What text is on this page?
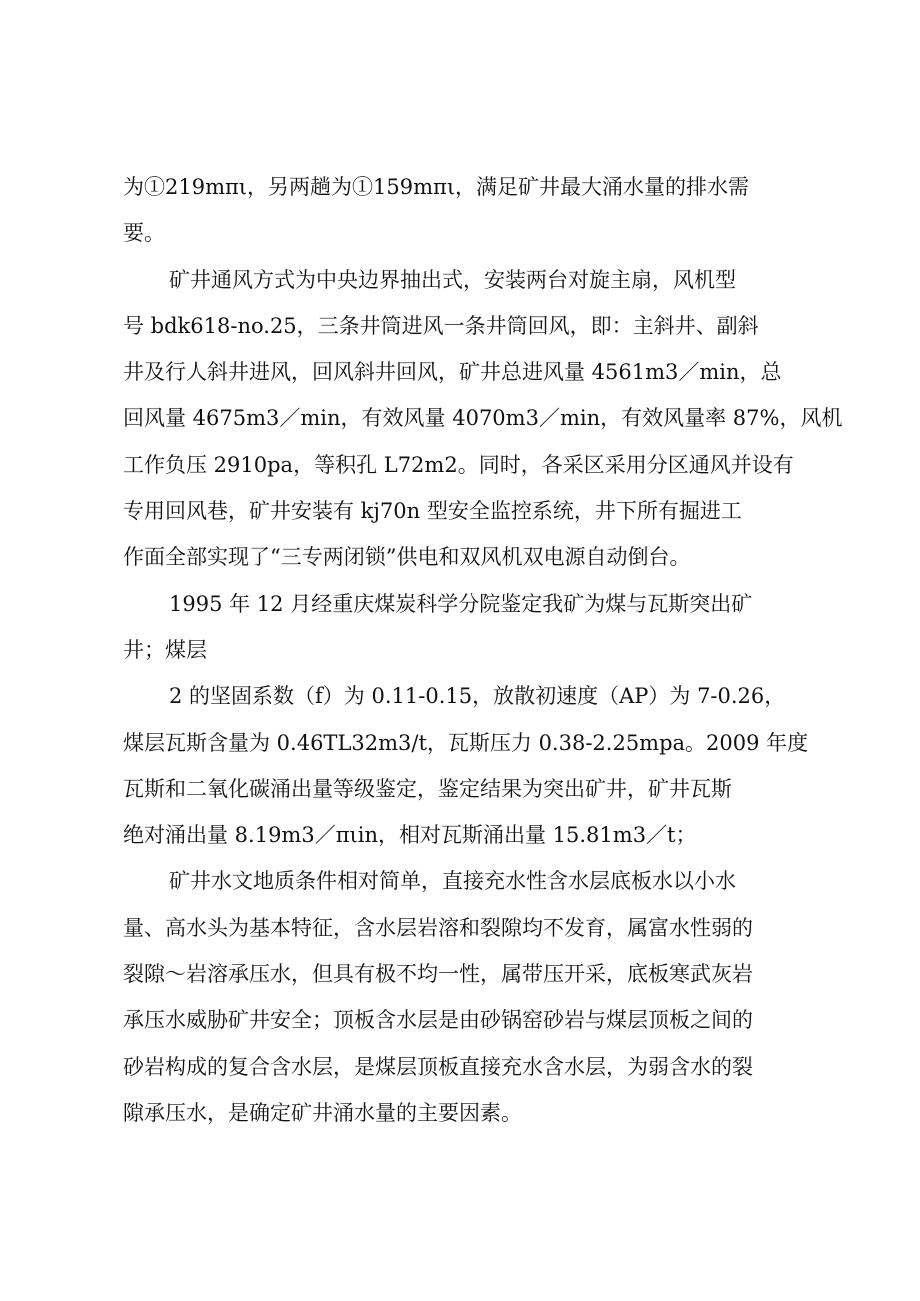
为①219mπι，另两趟为①159mπι，满足矿井最大涌水量的排水需
要。
矿井通风方式为中央边界抽出式，安装两台对旋主扇，风机型
号 bdk618-no.25，三条井筒进风一条井筒回风，即：主斜井、副斜
井及行人斜井进风，回风斜井回风，矿井总进风量 4561m3／min，总
回风量 4675m3／min，有效风量 4070m3／min，有效风量率 87%，风机
工作负压 2910pa，等积孔 L72m2。同时，各采区采用分区通风并设有
专用回风巷，矿井安装有 kj70n 型安全监控系统，井下所有掘进工
作面全部实现了“三专两闭锁”供电和双风机双电源自动倒台。
1995 年 12 月经重庆煤炭科学分院鉴定我矿为煤与瓦斯突出矿
井；煤层
2 的坚固系数（f）为 0.11-0.15，放散初速度（AP）为 7-0.26，
煤层瓦斯含量为 0.46TL32m3/t，瓦斯压力 0.38-2.25mpa。2009 年度
瓦斯和二氧化碳涌出量等级鉴定，鉴定结果为突出矿井，矿井瓦斯
绝对涌出量 8.19m3／πιin，相对瓦斯涌出量 15.81m3／t；
矿井水文地质条件相对简单，直接充水性含水层底板水以小水
量、高水头为基本特征，含水层岩溶和裂隙均不发育，属富水性弱的
裂隙～岩溶承压水，但具有极不均一性，属带压开采，底板寒武灰岩
承压水威胁矿井安全；顶板含水层是由砂锅窑砂岩与煤层顶板之间的
砂岩构成的复合含水层，是煤层顶板直接充水含水层，为弱含水的裂
隙承压水，是确定矿井涌水量的主要因素。
